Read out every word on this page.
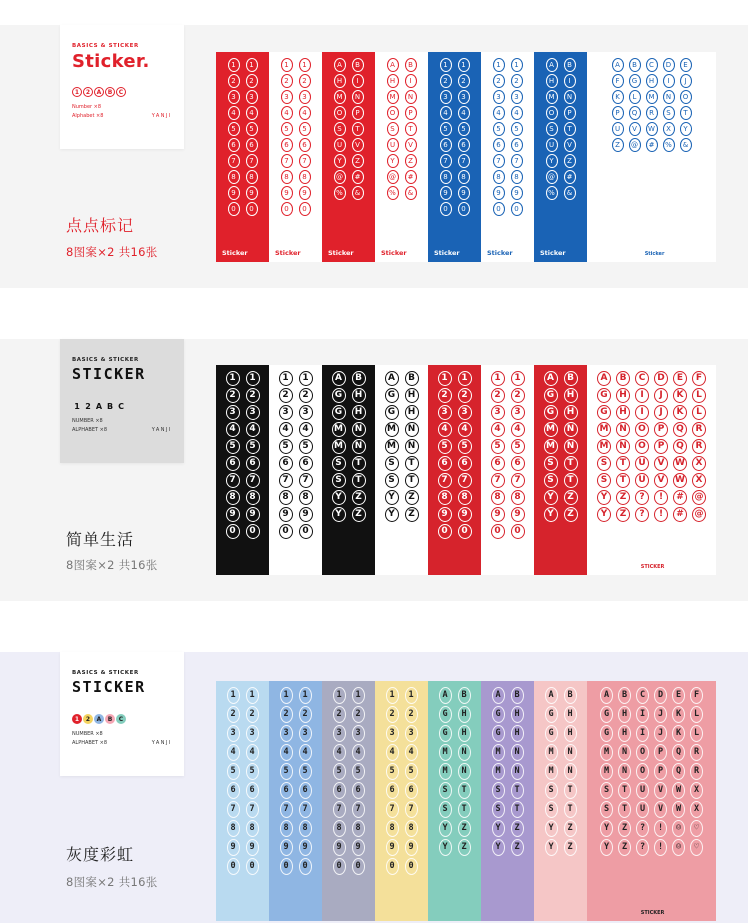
BASICS & STICKER
Sticker.
1	2	A	B	C
Number ×8
Alphabet ×8	YANJI
1	1
2	2
3	3
4	4
5	5
6	6
7	7
8	8
9	9
0	0
Sticker
1	1
2	2
3	3
4	4
5	5
6	6
7	7
8	8
9	9
0	0
Sticker
A	B
H	I
M	N
O	P
S	T
U	V
Y	Z
@	#
%	&
Sticker
A	B
H	I
M	N
O	P
S	T
U	V
Y	Z
@	#
%	&
Sticker
1	1
2	2
3	3
4	4
5	5
6	6
7	7
8	8
9	9
0	0
Sticker
1	1
2	2
3	3
4	4
5	5
6	6
7	7
8	8
9	9
0	0
Sticker
A	B
H	I
M	N
O	P
S	T
U	V
Y	Z
@	#
%	&
Sticker
A	B	C	D	E
F	G	H	I	J
K	L	M	N	O
P	Q	R	S	T
U	V	W	X	Y
Z	@	#	%	&
Sticker
点点标记
8图案×2 共16张
BASICS & STICKER
STICKER
1 2 A B C
NUMBER ×8
ALPHABET ×8	YANJI
1	1
2	2
3	3
4	4
5	5
6	6
7	7
8	8
9	9
0	0
1	1
2	2
3	3
4	4
5	5
6	6
7	7
8	8
9	9
0	0
A	B
G	H
G	H
M	N
M	N
S	T
S	T
Y	Z
Y	Z
A	B
G	H
G	H
M	N
M	N
S	T
S	T
Y	Z
Y	Z
1	1
2	2
3	3
4	4
5	5
6	6
7	7
8	8
9	9
0	0
1	1
2	2
3	3
4	4
5	5
6	6
7	7
8	8
9	9
0	0
A	B
G	H
G	H
M	N
M	N
S	T
S	T
Y	Z
Y	Z
A	B	C	D	E	F
G	H	I	J	K	L
G	H	I	J	K	L
M	N	O	P	Q	R
M	N	O	P	Q	R
S	T	U	V	W	X
S	T	U	V	W	X
Y	Z	?	!	#	@
Y	Z	?	!	#	@
STICKER
简单生活
8图案×2 共16张
BASICS & STICKER
STICKER
1	2	A	B	C
NUMBER ×8
ALPHABET ×8	YANJI
1	1
2	2
3	3
4	4
5	5
6	6
7	7
8	8
9	9
0	0
1	1
2	2
3	3
4	4
5	5
6	6
7	7
8	8
9	9
0	0
1	1
2	2
3	3
4	4
5	5
6	6
7	7
8	8
9	9
0	0
1	1
2	2
3	3
4	4
5	5
6	6
7	7
8	8
9	9
0	0
A	B
G	H
G	H
M	N
M	N
S	T
S	T
Y	Z
Y	Z
A	B
G	H
G	H
M	N
M	N
S	T
S	T
Y	Z
Y	Z
A	B
G	H
G	H
M	N
M	N
S	T
S	T
Y	Z
Y	Z
A	B	C	D	E	F
G	H	I	J	K	L
G	H	I	J	K	L
M	N	O	P	Q	R
M	N	O	P	Q	R
S	T	U	V	W	X
S	T	U	V	W	X
Y	Z	?	!	☺	♡
Y	Z	?	!	☺	♡
STICKER
灰度彩虹
8图案×2 共16张
